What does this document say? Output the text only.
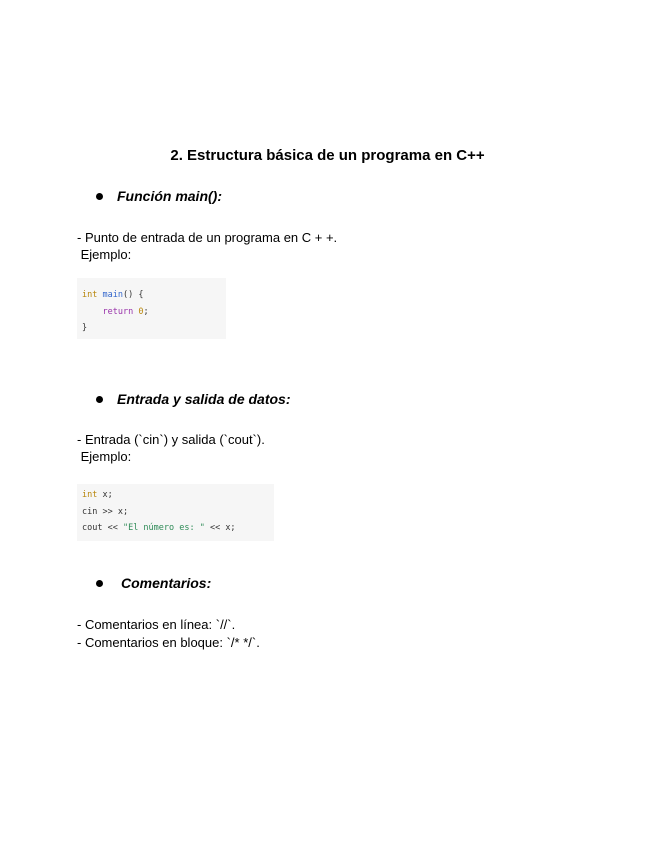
2. Estructura básica de un programa en C++
Función main():
- Punto de entrada de un programa en C + +.
Ejemplo:
int main() {
return 0;
}
Entrada y salida de datos:
- Entrada (`cin`) y salida (`cout`).
Ejemplo:
int x;
cin >> x;
cout << "El número es: " << x;
Comentarios:
- Comentarios en línea: `//`.
- Comentarios en bloque: `/* */`.
